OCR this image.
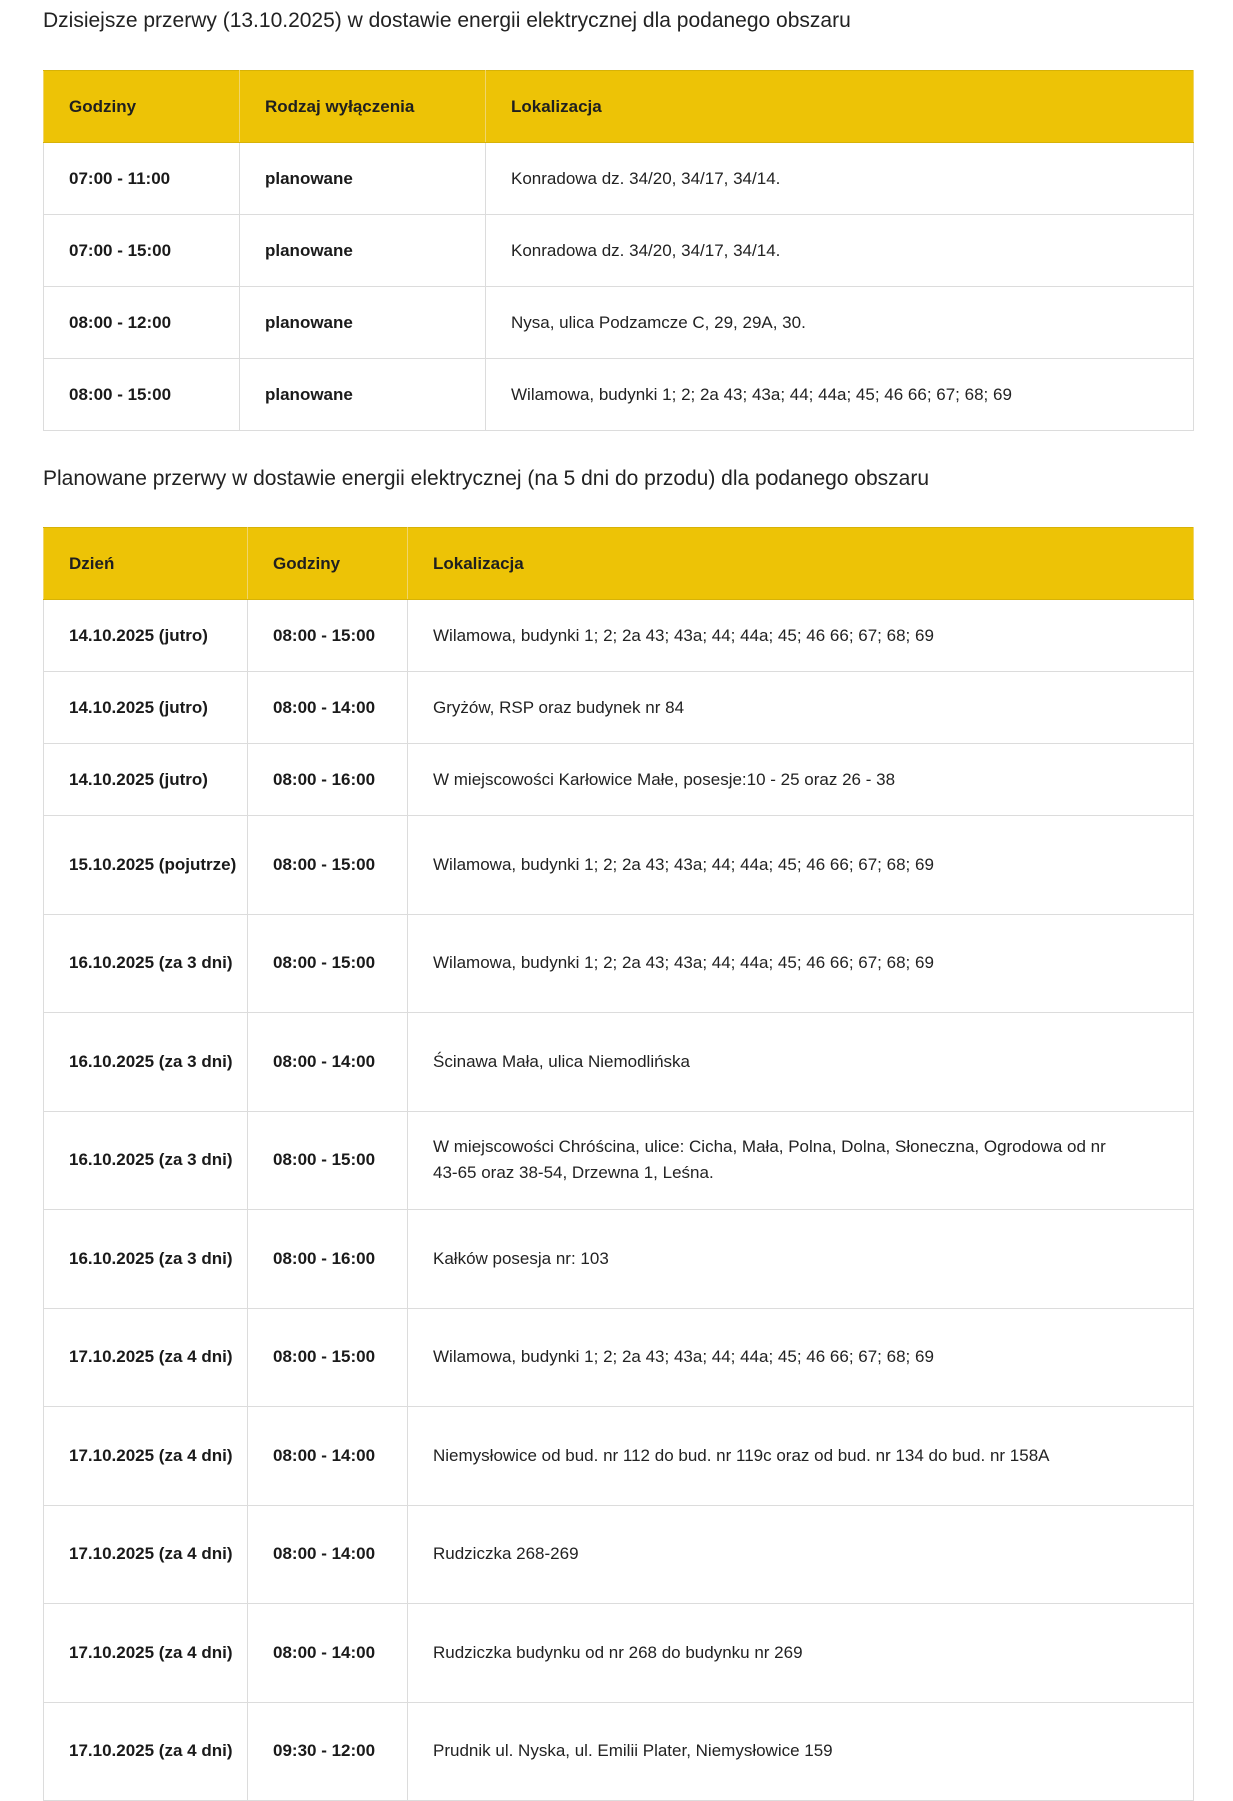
Dzisiejsze przerwy (13.10.2025) w dostawie energii elektrycznej dla podanego obszaru
Godziny	Rodzaj wyłączenia	Lokalizacja
07:00 - 11:00	planowane	Konradowa dz. 34/20, 34/17, 34/14.
07:00 - 15:00	planowane	Konradowa dz. 34/20, 34/17, 34/14.
08:00 - 12:00	planowane	Nysa, ulica Podzamcze C, 29, 29A, 30.
08:00 - 15:00	planowane	Wilamowa, budynki 1; 2; 2a 43; 43a; 44; 44a; 45; 46 66; 67; 68; 69
Planowane przerwy w dostawie energii elektrycznej (na 5 dni do przodu) dla podanego obszaru
Dzień	Godziny	Lokalizacja
14.10.2025 (jutro)	08:00 - 15:00	Wilamowa, budynki 1; 2; 2a 43; 43a; 44; 44a; 45; 46 66; 67; 68; 69
14.10.2025 (jutro)	08:00 - 14:00	Gryżów, RSP oraz budynek nr 84
14.10.2025 (jutro)	08:00 - 16:00	W miejscowości Karłowice Małe, posesje:10 - 25 oraz 26 - 38
15.10.2025 (pojutrze)	08:00 - 15:00	Wilamowa, budynki 1; 2; 2a 43; 43a; 44; 44a; 45; 46 66; 67; 68; 69
16.10.2025 (za 3 dni)	08:00 - 15:00	Wilamowa, budynki 1; 2; 2a 43; 43a; 44; 44a; 45; 46 66; 67; 68; 69
16.10.2025 (za 3 dni)	08:00 - 14:00	Ścinawa Mała, ulica Niemodlińska
16.10.2025 (za 3 dni)	08:00 - 15:00	W miejscowości Chróścina, ulice: Cicha, Mała, Polna, Dolna, Słoneczna, Ogrodowa od nr 43-65 oraz 38-54, Drzewna 1, Leśna.
16.10.2025 (za 3 dni)	08:00 - 16:00	Kałków posesja nr: 103
17.10.2025 (za 4 dni)	08:00 - 15:00	Wilamowa, budynki 1; 2; 2a 43; 43a; 44; 44a; 45; 46 66; 67; 68; 69
17.10.2025 (za 4 dni)	08:00 - 14:00	Niemysłowice od bud. nr 112 do bud. nr 119c oraz od bud. nr 134 do bud. nr 158A
17.10.2025 (za 4 dni)	08:00 - 14:00	Rudziczka 268-269
17.10.2025 (za 4 dni)	08:00 - 14:00	Rudziczka budynku od nr 268 do budynku nr 269
17.10.2025 (za 4 dni)	09:30 - 12:00	Prudnik ul. Nyska, ul. Emilii Plater, Niemysłowice 159
